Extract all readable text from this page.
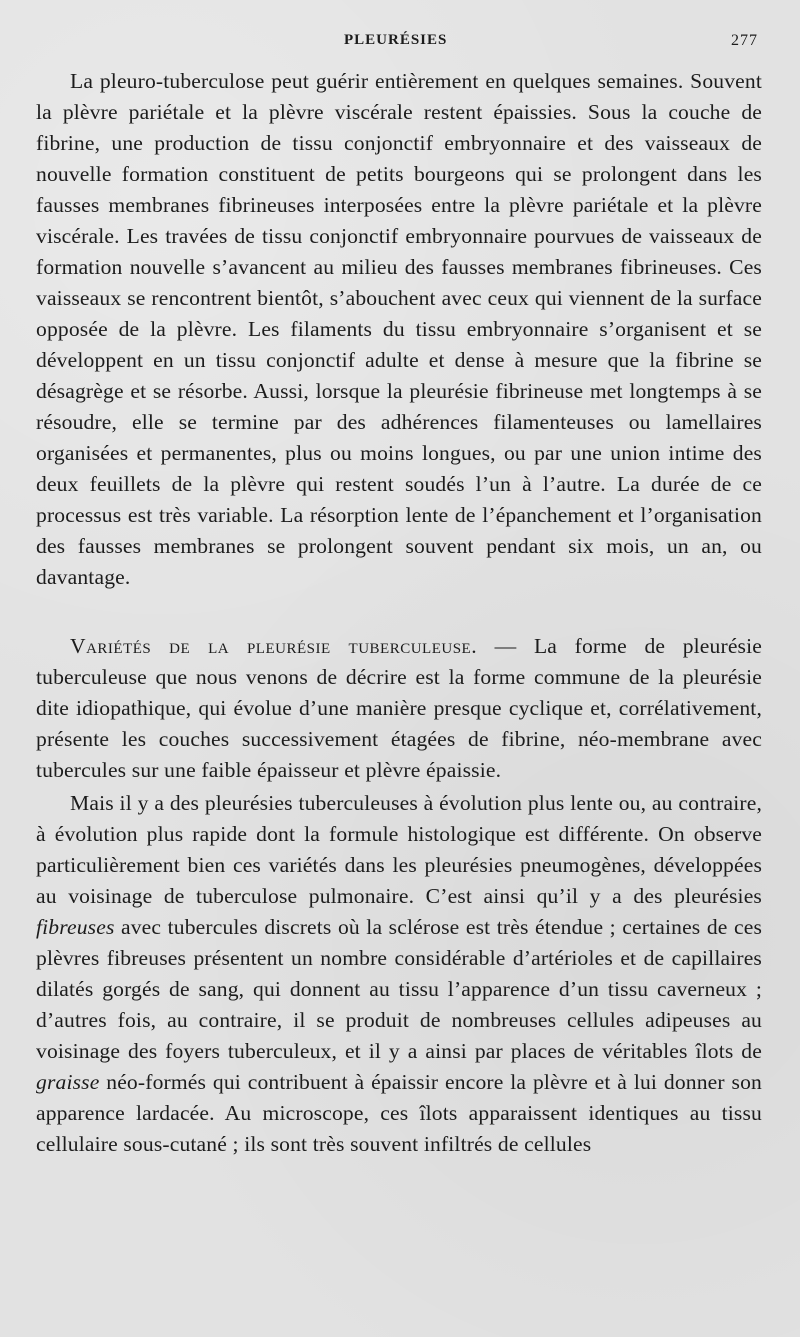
PLEURÉSIES	277

La pleuro-tuberculose peut guérir entièrement en quelques semaines. Souvent la plèvre pariétale et la plèvre viscérale restent épaissies. Sous la couche de fibrine, une production de tissu conjonctif embryonnaire et des vaisseaux de nouvelle formation constituent de petits bourgeons qui se prolongent dans les fausses membranes fibrineuses interposées entre la plèvre pariétale et la plèvre viscérale. Les travées de tissu conjonctif embryonnaire pourvues de vaisseaux de formation nouvelle s’avancent au milieu des fausses membranes fibrineuses. Ces vaisseaux se rencontrent bientôt, s’abouchent avec ceux qui viennent de la surface opposée de la plèvre. Les filaments du tissu embryonnaire s’organisent et se développent en un tissu conjonctif adulte et dense à mesure que la fibrine se désagrège et se résorbe. Aussi, lorsque la pleurésie fibrineuse met longtemps à se résoudre, elle se termine par des adhérences filamenteuses ou lamellaires organisées et permanentes, plus ou moins longues, ou par une union intime des deux feuillets de la plèvre qui restent soudés l’un à l’autre. La durée de ce processus est très variable. La résorption lente de l’épanchement et l’organisation des fausses membranes se prolongent souvent pendant six mois, un an, ou davantage.

Variétés de la pleurésie tuberculeuse. — La forme de pleurésie tuberculeuse que nous venons de décrire est la forme commune de la pleurésie dite idiopathique, qui évolue d’une manière presque cyclique et, corrélativement, présente les couches successivement étagées de fibrine, néo-membrane avec tubercules sur une faible épaisseur et plèvre épaissie.

Mais il y a des pleurésies tuberculeuses à évolution plus lente ou, au contraire, à évolution plus rapide dont la formule histologique est différente. On observe particulièrement bien ces variétés dans les pleurésies pneumogènes, développées au voisinage de tuberculose pulmonaire. C’est ainsi qu’il y a des pleurésies fibreuses avec tubercules discrets où la sclérose est très étendue ; certaines de ces plèvres fibreuses présentent un nombre considérable d’artérioles et de capillaires dilatés gorgés de sang, qui donnent au tissu l’apparence d’un tissu caverneux ; d’autres fois, au contraire, il se produit de nombreuses cellules adipeuses au voisinage des foyers tuberculeux, et il y a ainsi par places de véritables îlots de graisse néo-formés qui contribuent à épaissir encore la plèvre et à lui donner son apparence lardacée. Au microscope, ces îlots apparaissent identiques au tissu cellulaire sous-cutané ; ils sont très souvent infiltrés de cellules
